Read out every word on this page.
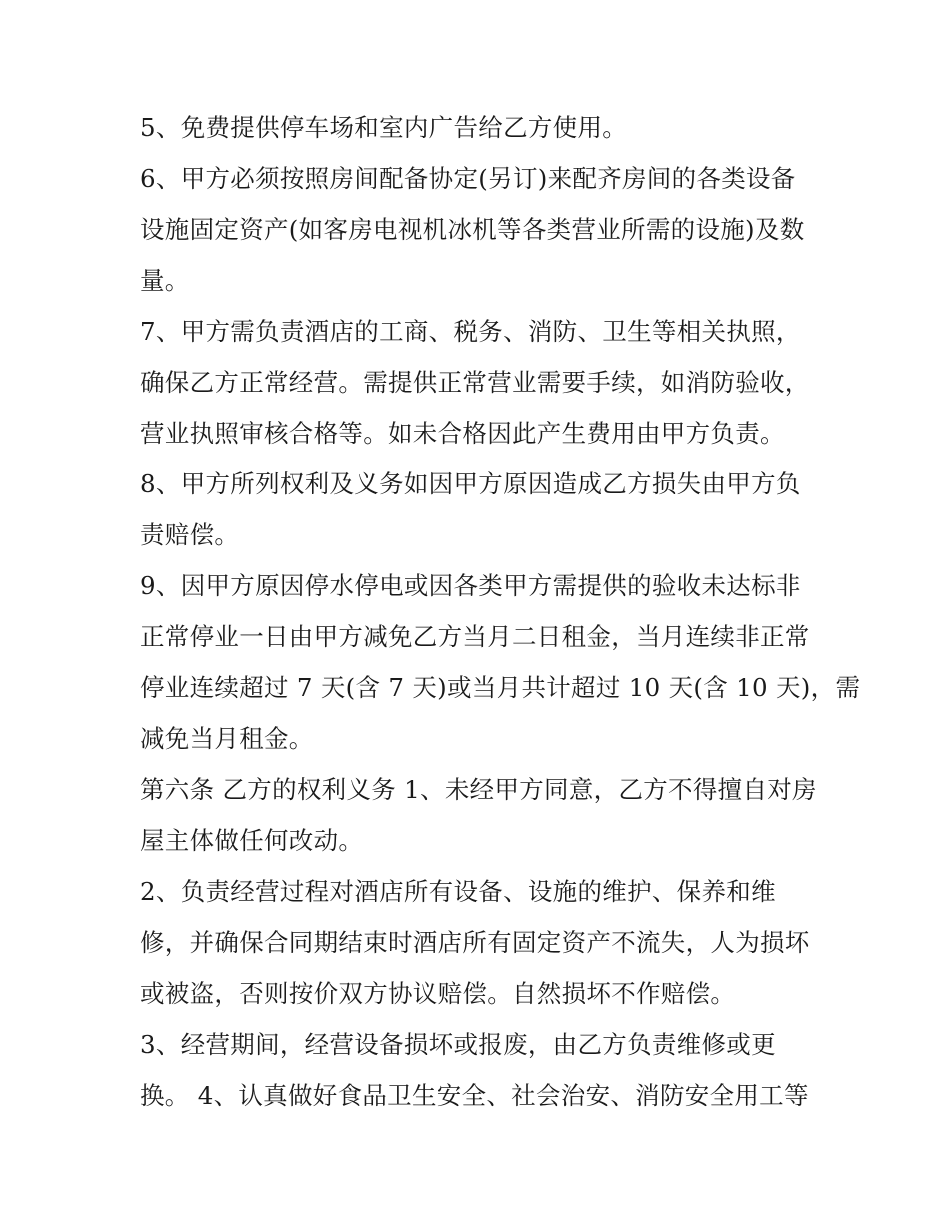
5、免费提供停车场和室内广告给乙方使用。

6、甲方必须按照房间配备协定(另订)来配齐房间的各类设备

设施固定资产(如客房电视机冰机等各类营业所需的设施)及数

量。

7、甲方需负责酒店的工商、税务、消防、卫生等相关执照，

确保乙方正常经营。需提供正常营业需要手续，如消防验收，

营业执照审核合格等。如未合格因此产生费用由甲方负责。

8、甲方所列权利及义务如因甲方原因造成乙方损失由甲方负

责赔偿。

9、因甲方原因停水停电或因各类甲方需提供的验收未达标非

正常停业一日由甲方减免乙方当月二日租金，当月连续非正常

停业连续超过 7 天(含 7 天)或当月共计超过 10 天(含 10 天)，需

减免当月租金。

第六条 乙方的权利义务 1、未经甲方同意，乙方不得擅自对房

屋主体做任何改动。

2、负责经营过程对酒店所有设备、设施的维护、保养和维

修，并确保合同期结束时酒店所有固定资产不流失，人为损坏

或被盗，否则按价双方协议赔偿。自然损坏不作赔偿。

3、经营期间，经营设备损坏或报废，由乙方负责维修或更

换。 4、认真做好食品卫生安全、社会治安、消防安全用工等
